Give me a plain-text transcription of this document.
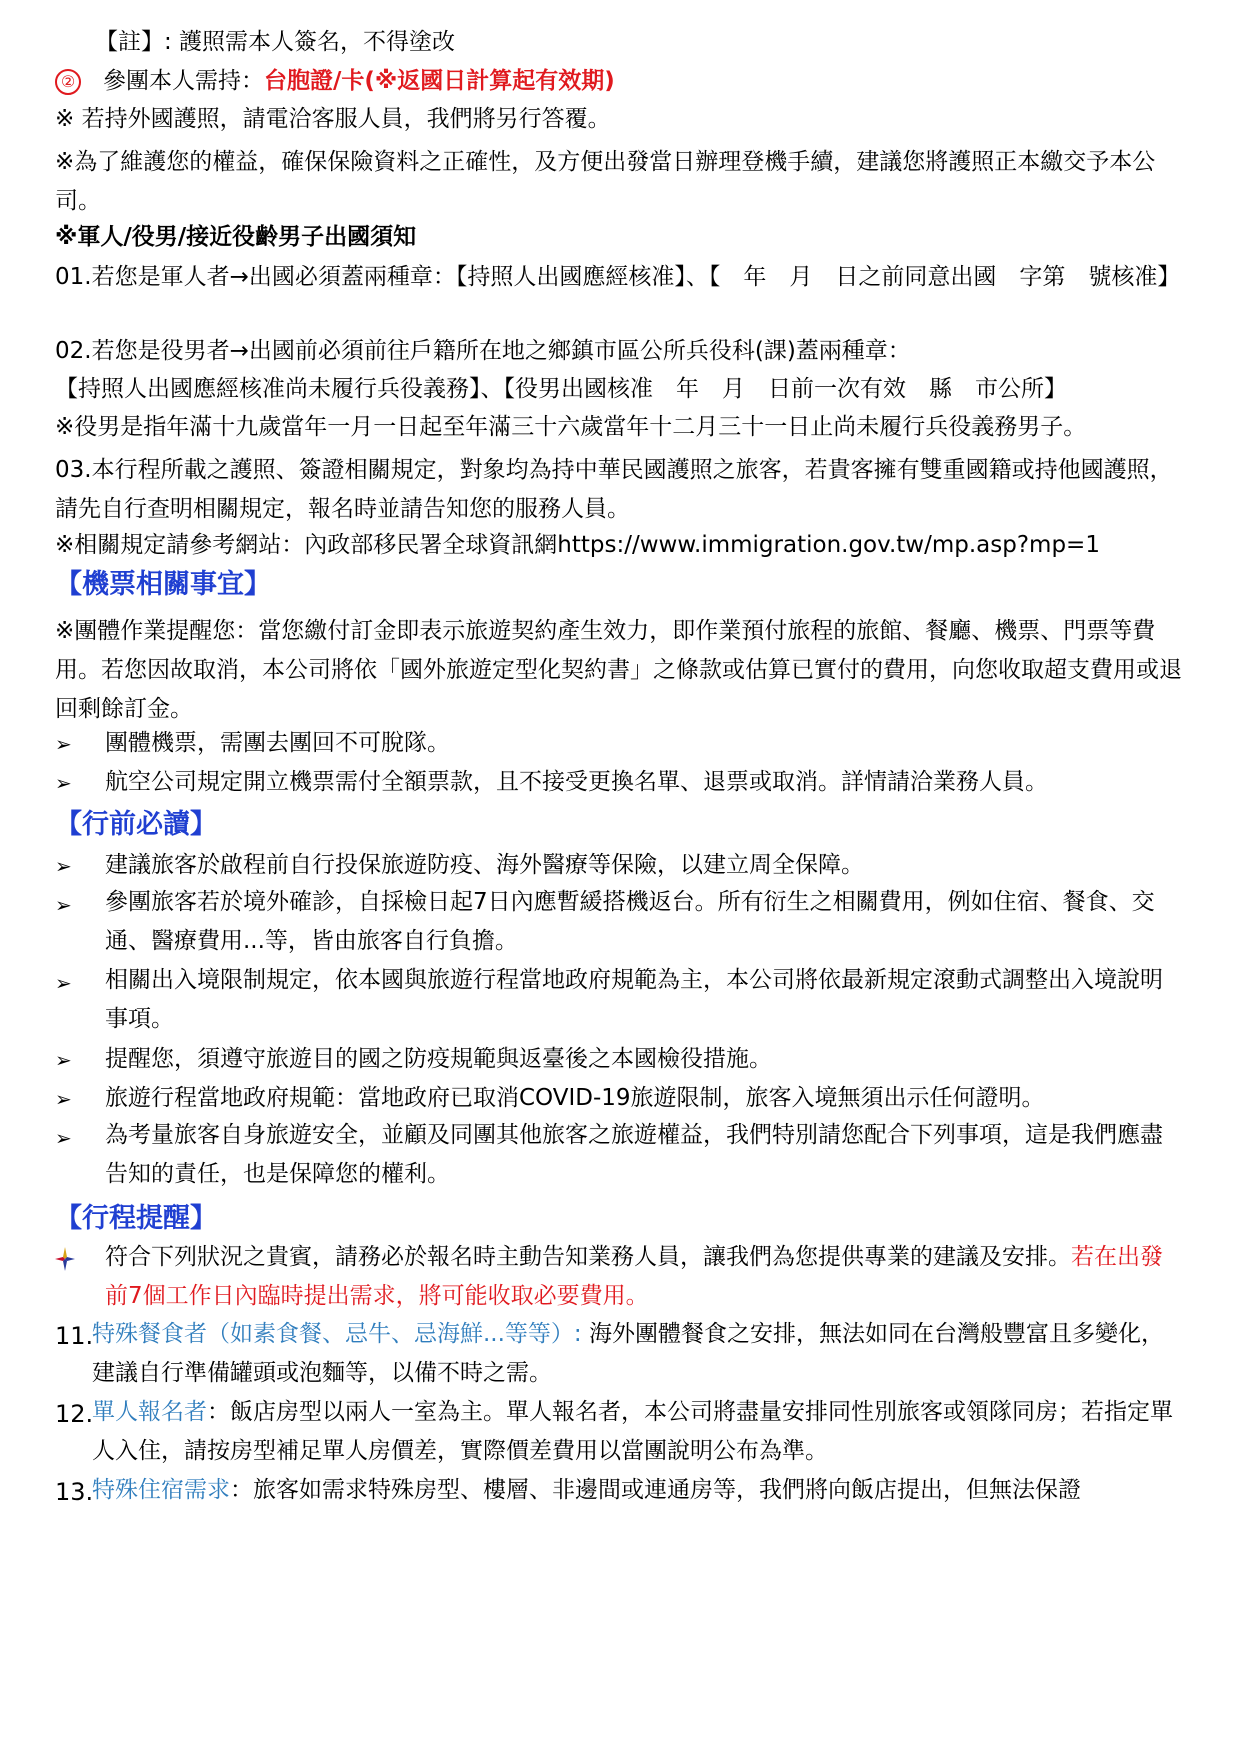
【註】: 護照需本人簽名，不得塗改
② 參團本人需持：台胞證/卡(※返國日計算起有效期)
※ 若持外國護照，請電洽客服人員，我們將另行答覆。
※為了維護您的權益，確保保險資料之正確性，及方便出發當日辦理登機手續，建議您將護照正本繳交予本公司。
※軍人/役男/接近役齡男子出國須知
01.若您是軍人者→出國必須蓋兩種章：【持照人出國應經核准】、【　年　月　日之前同意出國　字第　號核准】
02.若您是役男者→出國前必須前往戶籍所在地之鄉鎮市區公所兵役科(課)蓋兩種章：
【持照人出國應經核准尚未履行兵役義務】、【役男出國核准　年　月　日前一次有效　縣　市公所】
※役男是指年滿十九歲當年一月一日起至年滿三十六歲當年十二月三十一日止尚未履行兵役義務男子。
03.本行程所載之護照、簽證相關規定，對象均為持中華民國護照之旅客，若貴客擁有雙重國籍或持他國護照，請先自行查明相關規定，報名時並請告知您的服務人員。
※相關規定請參考網站：內政部移民署全球資訊網https://www.immigration.gov.tw/mp.asp?mp=1
【機票相關事宜】
※團體作業提醒您：當您繳付訂金即表示旅遊契約產生效力，即作業預付旅程的旅館、餐廳、機票、門票等費用。若您因故取消，本公司將依「國外旅遊定型化契約書」之條款或估算已實付的費用，向您收取超支費用或退回剩餘訂金。
➢ 團體機票，需團去團回不可脫隊。
➢ 航空公司規定開立機票需付全額票款，且不接受更換名單、退票或取消。詳情請洽業務人員。
【行前必讀】
➢ 建議旅客於啟程前自行投保旅遊防疫、海外醫療等保險，以建立周全保障。
➢ 參團旅客若於境外確診，自採檢日起7日內應暫緩搭機返台。所有衍生之相關費用，例如住宿、餐食、交通、醫療費用...等，皆由旅客自行負擔。
➢ 相關出入境限制規定，依本國與旅遊行程當地政府規範為主，本公司將依最新規定滾動式調整出入境說明事項。
➢ 提醒您，須遵守旅遊目的國之防疫規範與返臺後之本國檢役措施。
➢ 旅遊行程當地政府規範：當地政府已取消COVID-19旅遊限制，旅客入境無須出示任何證明。
➢ 為考量旅客自身旅遊安全，並顧及同團其他旅客之旅遊權益，我們特別請您配合下列事項，這是我們應盡告知的責任，也是保障您的權利。
【行程提醒】
符合下列狀況之貴賓，請務必於報名時主動告知業務人員，讓我們為您提供專業的建議及安排。若在出發前7個工作日內臨時提出需求，將可能收取必要費用。
11.
特殊餐食者（如素食餐、忌牛、忌海鮮...等等）: 海外團體餐食之安排，無法如同在台灣般豐富且多變化，建議自行準備罐頭或泡麵等，以備不時之需。
12.
單人報名者：飯店房型以兩人一室為主。單人報名者，本公司將盡量安排同性別旅客或領隊同房；若指定單人入住，請按房型補足單人房價差，實際價差費用以當團說明公布為準。
13.
特殊住宿需求：旅客如需求特殊房型、樓層、非邊間或連通房等，我們將向飯店提出，但無法保證
